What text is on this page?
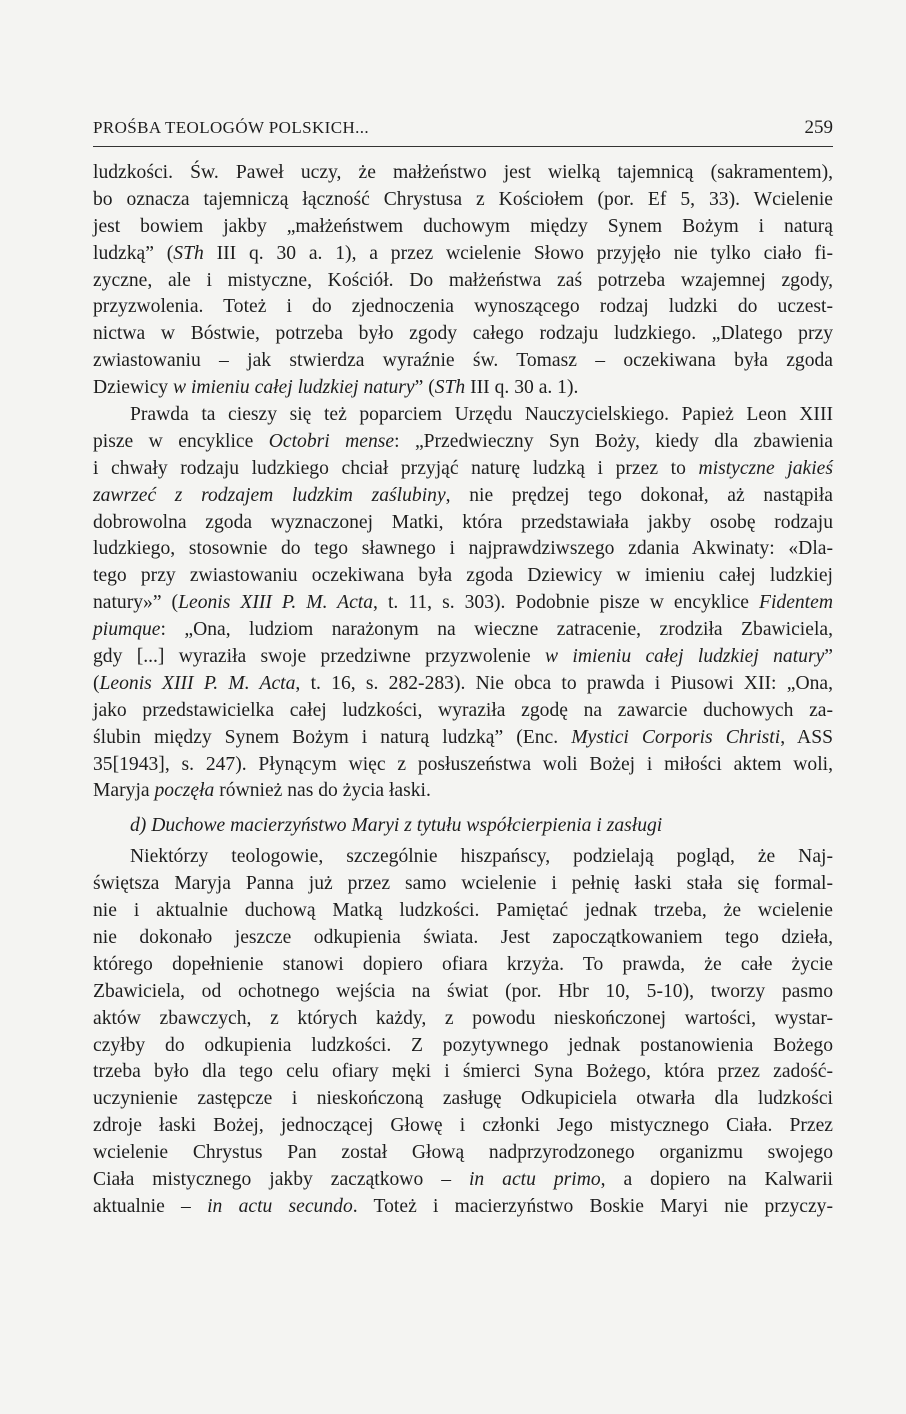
PROŚBA TEOLOGÓW POLSKICH...	259
ludzkości. Św. Paweł uczy, że małżeństwo jest wielką tajemnicą (sakramentem),
bo oznacza tajemniczą łączność Chrystusa z Kościołem (por. Ef 5, 33). Wcielenie
jest bowiem jakby „małżeństwem duchowym między Synem Bożym i naturą
ludzką” (STh III q. 30 a. 1), a przez wcielenie Słowo przyjęło nie tylko ciało fi-
zyczne, ale i mistyczne, Kościół. Do małżeństwa zaś potrzeba wzajemnej zgody,
przyzwolenia. Toteż i do zjednoczenia wynoszącego rodzaj ludzki do uczest-
nictwa w Bóstwie, potrzeba było zgody całego rodzaju ludzkiego. „Dlatego przy
zwiastowaniu – jak stwierdza wyraźnie św. Tomasz – oczekiwana była zgoda
Dziewicy w imieniu całej ludzkiej natury” (STh III q. 30 a. 1).
Prawda ta cieszy się też poparciem Urzędu Nauczycielskiego. Papież Leon XIII
pisze w encyklice Octobri mense: „Przedwieczny Syn Boży, kiedy dla zbawienia
i chwały rodzaju ludzkiego chciał przyjąć naturę ludzką i przez to mistyczne jakieś
zawrzeć z rodzajem ludzkim zaślubiny, nie prędzej tego dokonał, aż nastąpiła
dobrowolna zgoda wyznaczonej Matki, która przedstawiała jakby osobę rodzaju
ludzkiego, stosownie do tego sławnego i najprawdziwszego zdania Akwinaty: «Dla-
tego przy zwiastowaniu oczekiwana była zgoda Dziewicy w imieniu całej ludzkiej
natury»” (Leonis XIII P. M. Acta, t. 11, s. 303). Podobnie pisze w encyklice Fidentem
piumque: „Ona, ludziom narażonym na wieczne zatracenie, zrodziła Zbawiciela,
gdy [...] wyraziła swoje przedziwne przyzwolenie w imieniu całej ludzkiej natury”
(Leonis XIII P. M. Acta, t. 16, s. 282-283). Nie obca to prawda i Piusowi XII: „Ona,
jako przedstawicielka całej ludzkości, wyraziła zgodę na zawarcie duchowych za-
ślubin między Synem Bożym i naturą ludzką” (Enc. Mystici Corporis Christi, ASS
35[1943], s. 247). Płynącym więc z posłuszeństwa woli Bożej i miłości aktem woli,
Maryja poczęła również nas do życia łaski.
d) Duchowe macierzyństwo Maryi z tytułu współcierpienia i zasługi
Niektórzy teologowie, szczególnie hiszpańscy, podzielają pogląd, że Naj-
świętsza Maryja Panna już przez samo wcielenie i pełnię łaski stała się formal-
nie i aktualnie duchową Matką ludzkości. Pamiętać jednak trzeba, że wcielenie
nie dokonało jeszcze odkupienia świata. Jest zapoczątkowaniem tego dzieła,
którego dopełnienie stanowi dopiero ofiara krzyża. To prawda, że całe życie
Zbawiciela, od ochotnego wejścia na świat (por. Hbr 10, 5-10), tworzy pasmo
aktów zbawczych, z których każdy, z powodu nieskończonej wartości, wystar-
czyłby do odkupienia ludzkości. Z pozytywnego jednak postanowienia Bożego
trzeba było dla tego celu ofiary męki i śmierci Syna Bożego, która przez zadość-
uczynienie zastępcze i nieskończoną zasługę Odkupiciela otwarła dla ludzkości
zdroje łaski Bożej, jednoczącej Głowę i członki Jego mistycznego Ciała. Przez
wcielenie Chrystus Pan został Głową nadprzyrodzonego organizmu swojego
Ciała mistycznego jakby zaczątkowo – in actu primo, a dopiero na Kalwarii
aktualnie – in actu secundo. Toteż i macierzyństwo Boskie Maryi nie przyczy-
